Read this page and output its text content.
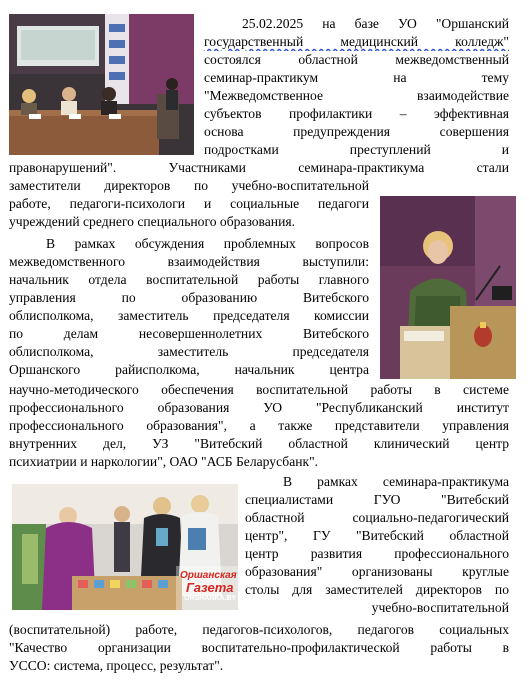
Оршанская
Газета
ORSHANKA.BY
25.02.2025 на базе УО "Оршанский
государственный медицинский колледж"
состоялся областной межведомственный
семинар-практикум на тему
"Межведомственное взаимодействие
субъектов профилактики – эффективная
основа предупреждения совершения
подростками преступлений и
правонарушений". Участниками семинара-практикума стали
заместители директоров по учебно-воспитательной
работе, педагоги-психологи и социальные педагоги
учреждений среднего специального образования.
В рамках обсуждения проблемных вопросов
межведомственного взаимодействия выступили:
начальник отдела воспитательной работы главного
управления по образованию Витебского
облисполкома, заместитель председателя комиссии
по делам несовершеннолетних Витебского
облисполкома, заместитель председателя
Оршанского райисполкома, начальник центра
научно-методического обеспечения воспитательной работы в системе
профессионального образования УО "Республиканский институт
профессионального образования", а также представители управления
внутренних дел, УЗ "Витебский областной клинический центр
психиатрии и наркологии", ОАО "АСБ Беларусбанк".
В рамках семинара-практикума
специалистами ГУО "Витебский
областной социально-педагогический
центр", ГУ "Витебский областной
центр развития профессионального
образования" организованы круглые
столы для заместителей директоров по
учебно-воспитательной
(воспитательной) работе, педагогов-психологов, педагогов социальных
"Качество организации воспитательно-профилактической работы в
УССО: система, процесс, результат".
